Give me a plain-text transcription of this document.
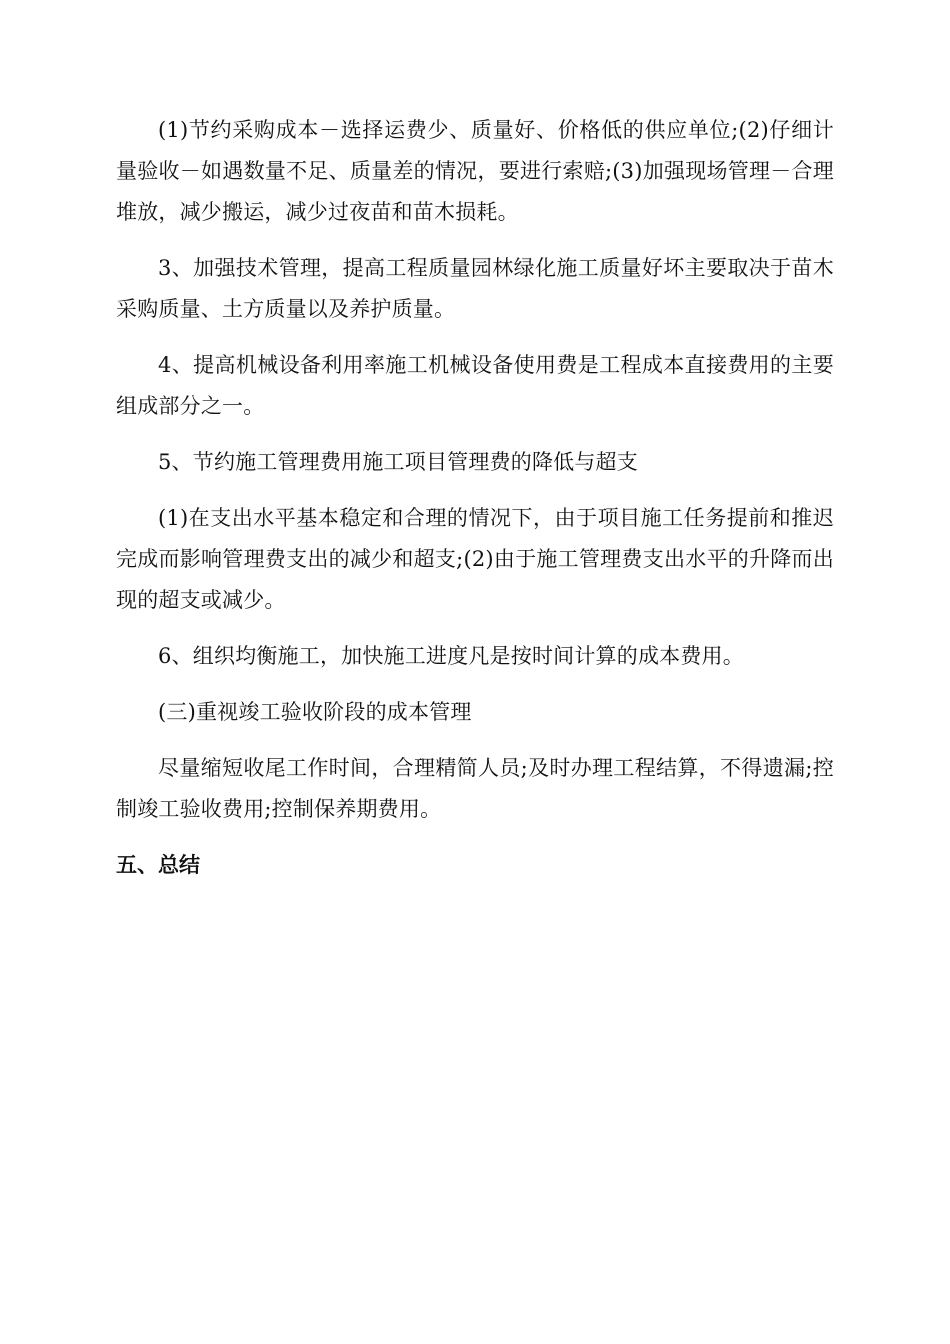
(1)节约采购成本－选择运费少、质量好、价格低的供应单位;(2)仔细计量验收－如遇数量不足、质量差的情况，要进行索赔;(3)加强现场管理－合理堆放，减少搬运，减少过夜苗和苗木损耗。

3、加强技术管理，提高工程质量园林绿化施工质量好坏主要取决于苗木采购质量、土方质量以及养护质量。

4、提高机械设备利用率施工机械设备使用费是工程成本直接费用的主要组成部分之一。

5、节约施工管理费用施工项目管理费的降低与超支

(1)在支出水平基本稳定和合理的情况下，由于项目施工任务提前和推迟完成而影响管理费支出的减少和超支;(2)由于施工管理费支出水平的升降而出现的超支或减少。

6、组织均衡施工，加快施工进度凡是按时间计算的成本费用。

(三)重视竣工验收阶段的成本管理

尽量缩短收尾工作时间，合理精简人员;及时办理工程结算，不得遗漏;控制竣工验收费用;控制保养期费用。

五、总结
